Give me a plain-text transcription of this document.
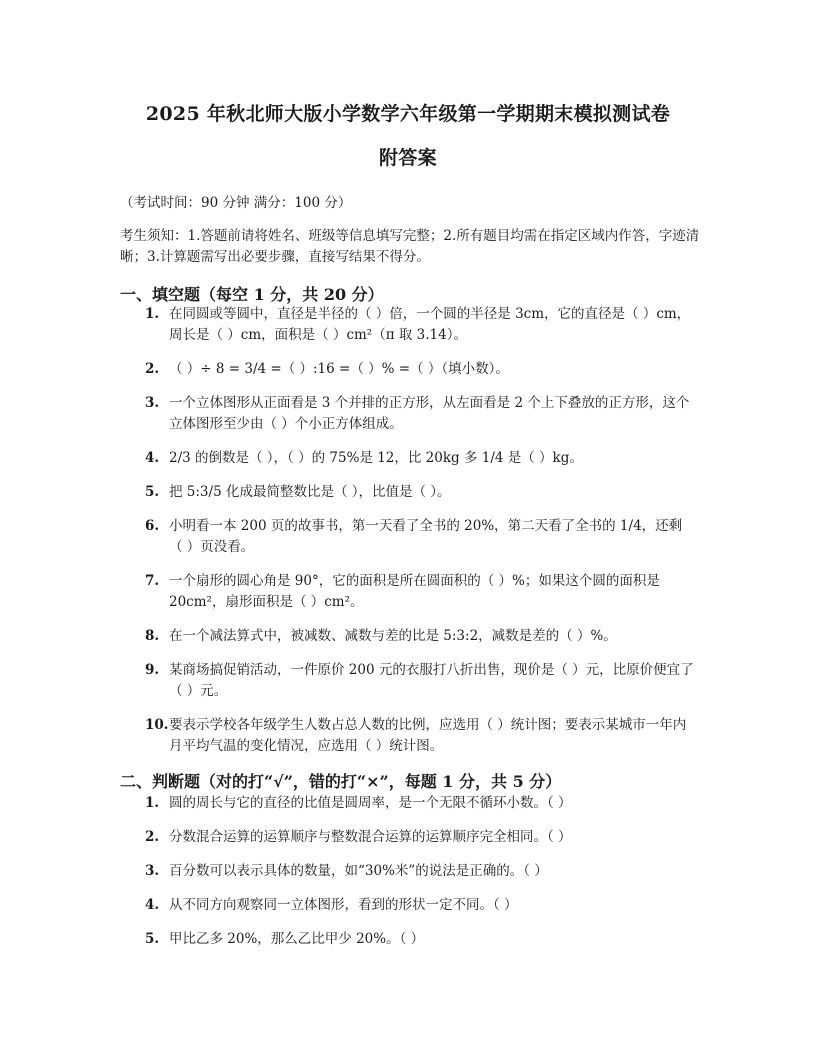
2025 年秋北师大版小学数学六年级第一学期期末模拟测试卷
附答案
（考试时间：90 分钟 满分：100 分）
考生须知：1.答题前请将姓名、班级等信息填写完整；2.所有题目均需在指定区域内作答，字迹清晰；3.计算题需写出必要步骤，直接写结果不得分。
一、填空题（每空 1 分，共 20 分）
1. 在同圆或等圆中，直径是半径的（ ）倍，一个圆的半径是 3cm，它的直径是（ ）cm，周长是（ ）cm，面积是（ ）cm²（π 取 3.14）。
2. （ ）÷ 8 = 3/4 =（ ）:16 =（ ）% =（ ）（填小数）。
3. 一个立体图形从正面看是 3 个并排的正方形，从左面看是 2 个上下叠放的正方形，这个立体图形至少由（ ）个小正方体组成。
4. 2/3 的倒数是（ ），（ ）的 75%是 12，比 20kg 多 1/4 是（ ）kg。
5. 把 5:3/5 化成最简整数比是（ ），比值是（ ）。
6. 小明看一本 200 页的故事书，第一天看了全书的 20%，第二天看了全书的 1/4，还剩（ ）页没看。
7. 一个扇形的圆心角是 90°，它的面积是所在圆面积的（ ）%；如果这个圆的面积是 20cm²，扇形面积是（ ）cm²。
8. 在一个减法算式中，被减数、减数与差的比是 5:3:2，减数是差的（ ）%。
9. 某商场搞促销活动，一件原价 200 元的衣服打八折出售，现价是（ ）元，比原价便宜了（ ）元。
10. 要表示学校各年级学生人数占总人数的比例，应选用（ ）统计图；要表示某城市一年内月平均气温的变化情况，应选用（ ）统计图。
二、判断题（对的打“√”，错的打“×”，每题 1 分，共 5 分）
1. 圆的周长与它的直径的比值是圆周率，是一个无限不循环小数。（ ）
2. 分数混合运算的运算顺序与整数混合运算的运算顺序完全相同。（ ）
3. 百分数可以表示具体的数量，如“30%米”的说法是正确的。（ ）
4. 从不同方向观察同一立体图形，看到的形状一定不同。（ ）
5. 甲比乙多 20%，那么乙比甲少 20%。（ ）
